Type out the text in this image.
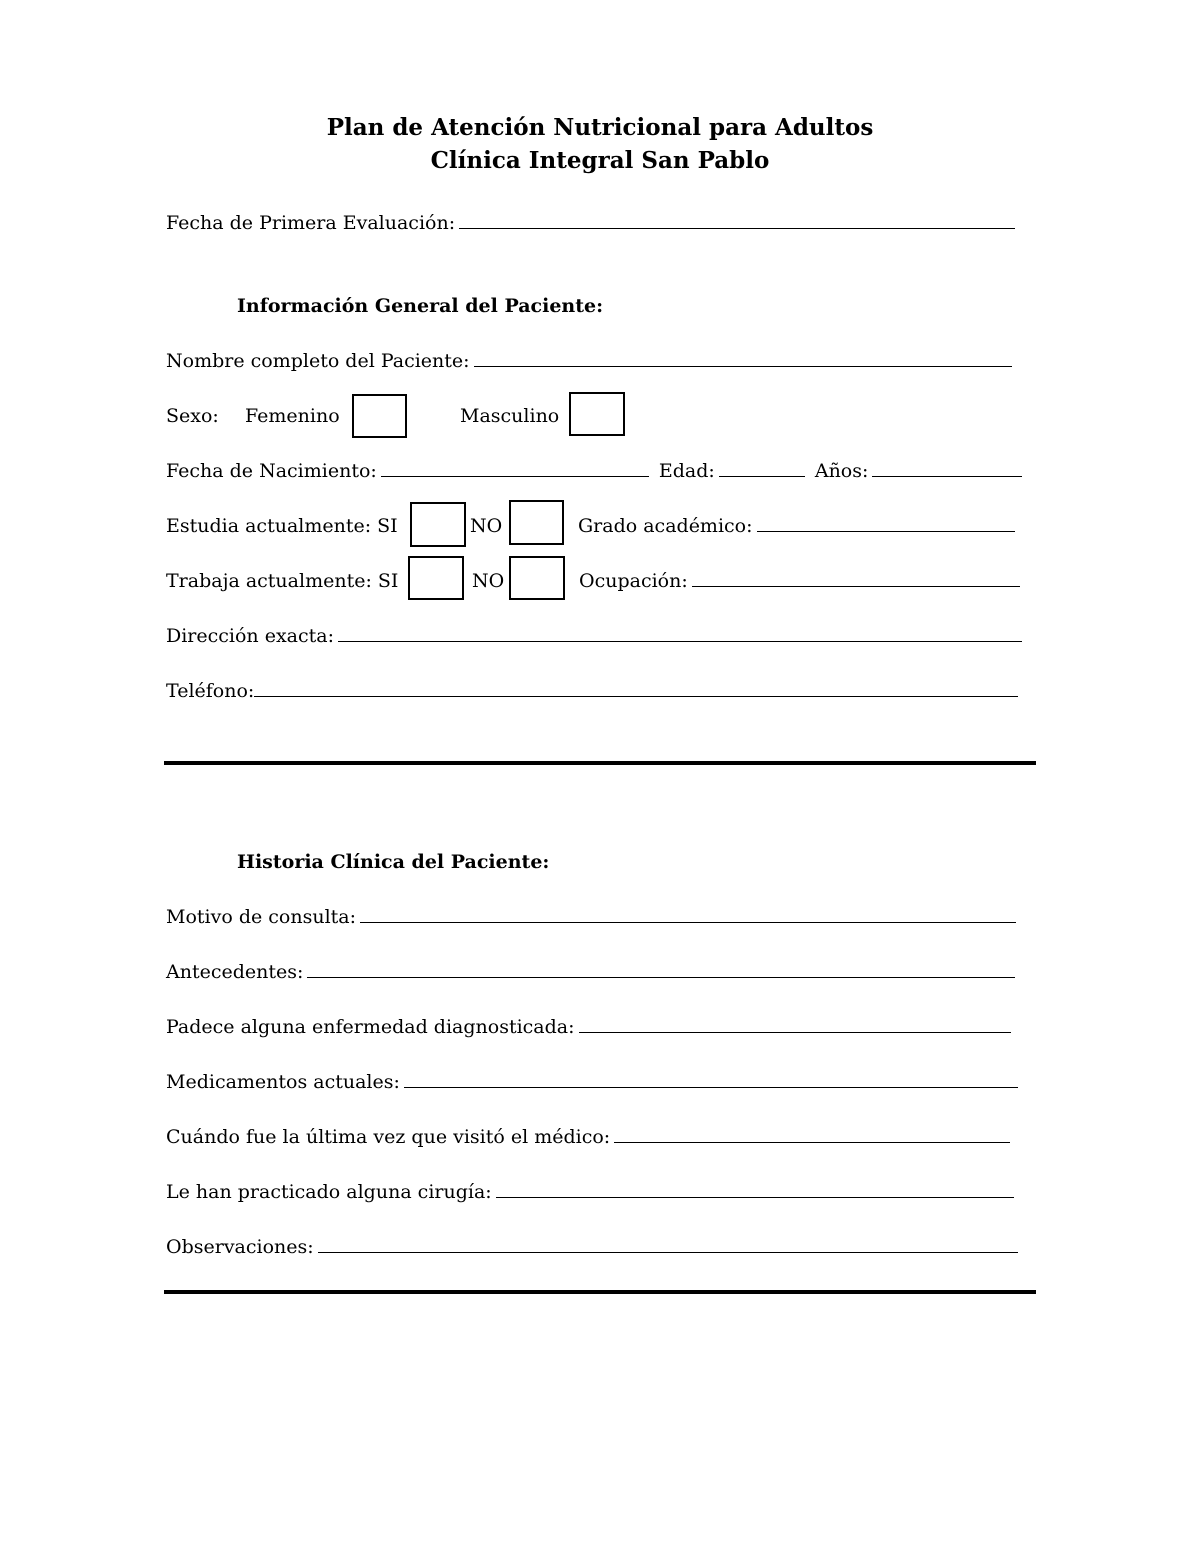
Plan de Atención Nutricional para Adultos
Clínica Integral San Pablo
Fecha de Primera Evaluación:
Información General del Paciente:
Nombre completo del Paciente:
Sexo: Femenino	Masculino
Fecha de Nacimiento:	Edad:	Años:
Estudia actualmente: SI	NO	Grado académico:
Trabaja actualmente: SI	NO	Ocupación:
Dirección exacta:
Teléfono:
Historia Clínica del Paciente:
Motivo de consulta:
Antecedentes:
Padece alguna enfermedad diagnosticada:
Medicamentos actuales:
Cuándo fue la última vez que visitó el médico:
Le han practicado alguna cirugía:
Observaciones:
